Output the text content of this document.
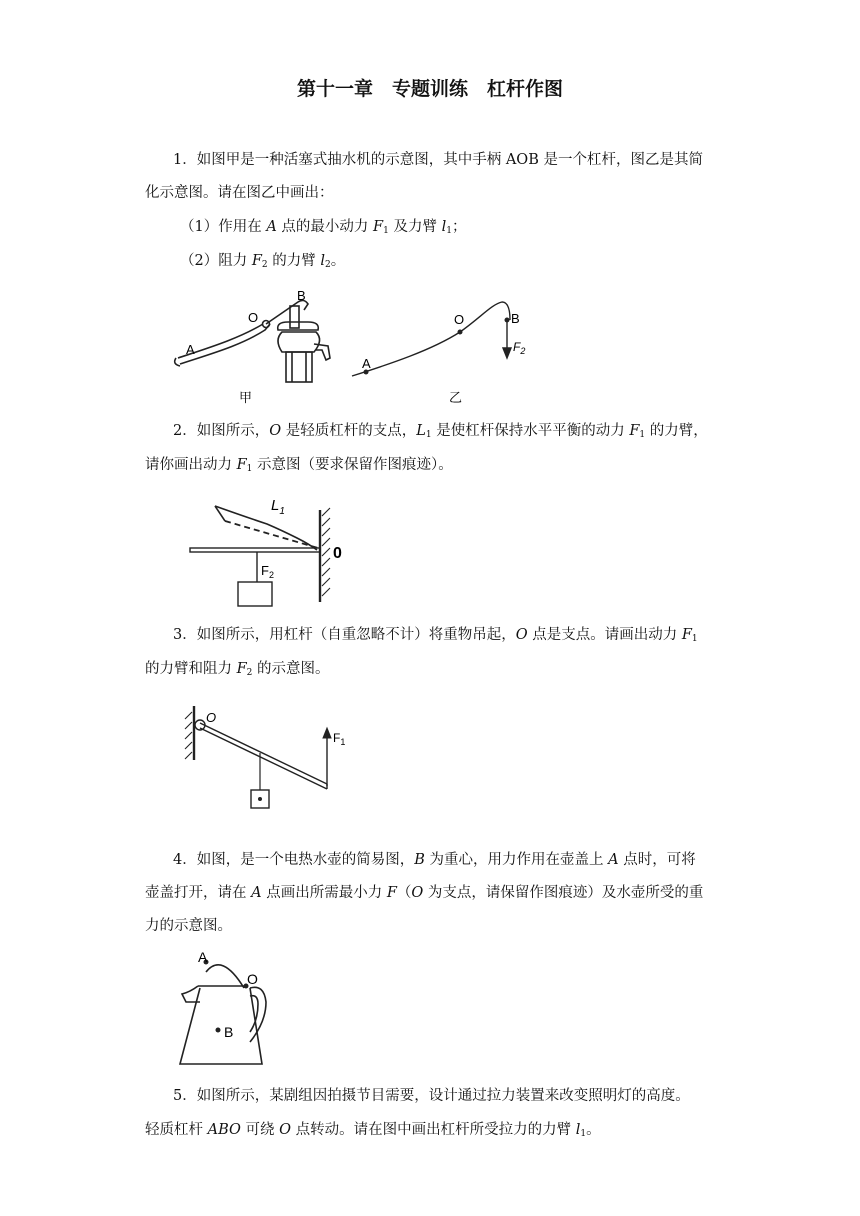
第十一章　专题训练　杠杆作图
1．如图甲是一种活塞式抽水机的示意图，其中手柄 AOB 是一个杠杆，图乙是其简
化示意图。请在图乙中画出：
（1）作用在 A 点的最小动力 $F_1$ 及力臂 $l_1$；
（2）阻力 $F_2$ 的力臂 $l_2$。
A
O
B
甲
A
O	B
$F_2$
乙
2．如图所示，O 是轻质杠杆的支点，$L_1$ 是使杠杆保持水平平衡的动力 $F_1$ 的力臂，
请你画出动力 $F_1$ 示意图（要求保留作图痕迹）。
$L_1$
0
$F_2$
3．如图所示，用杠杆（自重忽略不计）将重物吊起，O 点是支点。请画出动力 $F_1$
的力臂和阻力 $F_2$ 的示意图。
O
$F_1$
4．如图，是一个电热水壶的简易图，B 为重心，用力作用在壶盖上 A 点时，可将
壶盖打开，请在 A 点画出所需最小力 F（O 为支点，请保留作图痕迹）及水壶所受的重
力的示意图。
A
O
B
5．如图所示，某剧组因拍摄节目需要，设计通过拉力装置来改变照明灯的高度。
轻质杠杆 ABO 可绕 O 点转动。请在图中画出杠杆所受拉力的力臂 $l_1$。
